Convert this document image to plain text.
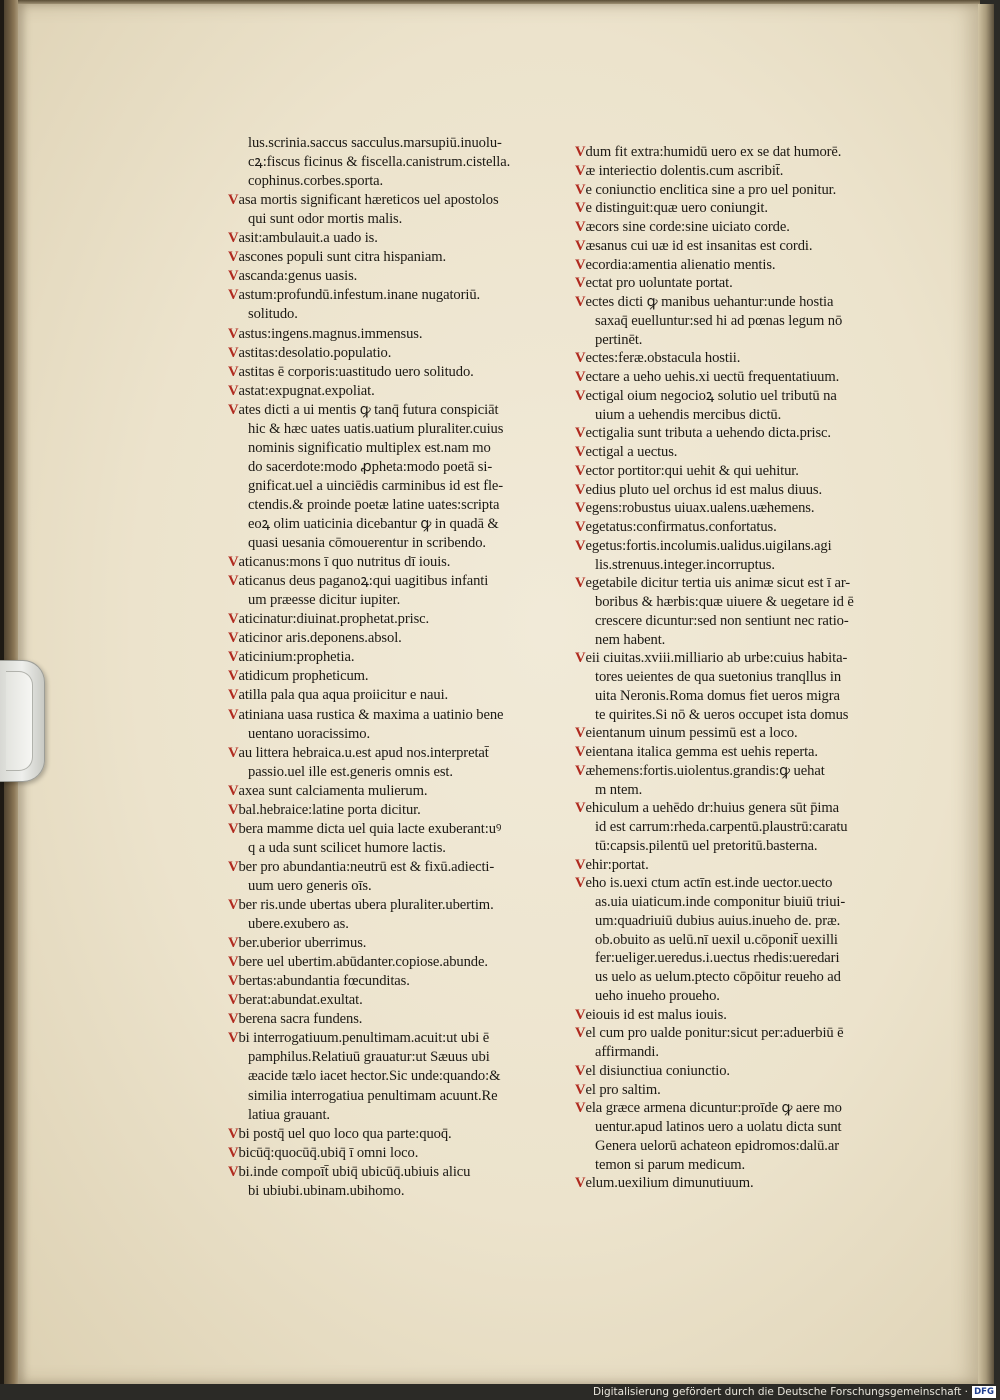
lus.scrinia.saccus sacculus.marsupiū.inuolu-
cꝝ:fiscus ficinus & fiscella.canistrum.cistella.
cophinus.corbes.sporta.
Vasa mortis significant hæreticos uel apostolos
qui sunt odor mortis malis.
Vasit:ambulauit.a uado is.
Vascones populi sunt citra hispaniam.
Vascanda:genus uasis.
Vastum:profundū.infestum.inane nugatoriū.
solitudo.
Vastus:ingens.magnus.immensus.
Vastitas:desolatio.populatio.
Vastitas ē corporis:uastitudo uero solitudo.
Vastat:expugnat.expoliat.
Vates dicti a ui mentis ꝙ tanq̄ futura conspiciāt
hic & hæc uates uatis.uatium pluraliter.cuius
nominis significatio multiplex est.nam mo
do sacerdote:modo ꝓpheta:modo poetā si-
gnificat.uel a uinciēdis carminibus id est fle-
ctendis.& proinde poetæ latine uates:scripta
eoꝝ olim uaticinia dicebantur ꝙ in quadā &
quasi uesania cōmouerentur in scribendo.
Vaticanus:mons ī quo nutritus dī iouis.
Vaticanus deus paganoꝝ:qui uagitibus infanti
um præesse dicitur iupiter.
Vaticinatur:diuinat.prophetat.prisc.
Vaticinor aris.deponens.absol.
Vaticinium:prophetia.
Vatidicum propheticum.
Vatilla pala qua aqua proiicitur e naui.
Vatiniana uasa rustica & maxima a uatinio bene
uentano uoracissimo.
Vau littera hebraica.u.est apud nos.interpretat̄
passio.uel ille est.generis omnis est.
Vaxea sunt calciamenta mulierum.
Vbal.hebraice:latine porta dicitur.
Vbera mamme dicta uel quia lacte exuberant:uꝰ
q a uda sunt scilicet humore lactis.
Vber pro abundantia:neutrū est & fixū.adiecti-
uum uero generis oīs.
Vber ris.unde ubertas ubera pluraliter.ubertim.
ubere.exubero as.
Vber.uberior uberrimus.
Vbere uel ubertim.abūdanter.copiose.abunde.
Vbertas:abundantia fœcunditas.
Vberat:abundat.exultat.
Vberena sacra fundens.
Vbi interrogatiuum.penultimam.acuit:ut ubi ē
pamphilus.Relatiuū grauatur:ut Sæuus ubi
æacide tælo iacet hector.Sic unde:quando:&
similia interrogatiua penultimam acuunt.Re
latiua grauant.
Vbi postq̄ uel quo loco qua parte:quoq̄.
Vbicūq̄:quocūq̄.ubiq̄ ī omni loco.
Vbi.inde compoīt̄ ubiq̄ ubicūq̄.ubiuis alicu
bi ubiubi.ubinam.ubihomo.
Vdum fit extra:humidū uero ex se dat humorē.
Væ interiectio dolentis.cum ascribit̄.
Ve coniunctio enclitica sine a pro uel ponitur.
Ve distinguit:quæ uero coniungit.
Væcors sine corde:sine uiciato corde.
Væsanus cui uæ id est insanitas est cordi.
Vecordia:amentia alienatio mentis.
Vectat pro uoluntate portat.
Vectes dicti ꝙ manibus uehantur:unde hostia
saxaq̄ euelluntur:sed hi ad pœnas legum nō
pertinēt.
Vectes:feræ.obstacula hostii.
Vectare a ueho uehis.xi uectū frequentatiuum.
Vectigal oium negocioꝝ solutio uel tributū na
uium a uehendis mercibus dictū.
Vectigalia sunt tributa a uehendo dicta.prisc.
Vectigal a uectus.
Vector portitor:qui uehit & qui uehitur.
Vedius pluto uel orchus id est malus diuus.
Vegens:robustus uiuax.ualens.uæhemens.
Vegetatus:confirmatus.confortatus.
Vegetus:fortis.incolumis.ualidus.uigilans.agi
lis.strenuus.integer.incorruptus.
Vegetabile dicitur tertia uis animæ sicut est ī ar-
boribus & hærbis:quæ uiuere & uegetare id ē
crescere dicuntur:sed non sentiunt nec ratio-
nem habent.
Veii ciuitas.xviii.milliario ab urbe:cuius habita-
tores ueientes de qua suetonius tranqllus in
uita Neronis.Roma domus fiet ueros migra
te quirites.Si nō & ueros occupet ista domus
Veientanum uinum pessimū est a loco.
Veientana italica gemma est uehis reperta.
Væhemens:fortis.uiolentus.grandis:ꝙ uehat
m ntem.
Vehiculum a uehēdo dr:huius genera sūt p̄ima
id est carrum:rheda.carpentū.plaustrū:caratu
tū:capsis.pilentū uel pretoritū.basterna.
Vehir:portat.
Veho is.uexi ctum actīn est.inde uector.uecto
as.uia uiaticum.inde componitur biuiū triui-
um:quadriuiū dubius auius.inueho de. præ.
ob.obuito as uelū.nī uexil u.cōponit̄ uexilli
fer:ueliger.ueredus.i.uectus rhedis:ueredari
us uelo as uelum.ptecto cōpōitur reueho ad
ueho inueho proueho.
Veiouis id est malus iouis.
Vel cum pro ualde ponitur:sicut per:aduerbiū ē
affirmandi.
Vel disiunctiua coniunctio.
Vel pro saltim.
Vela græce armena dicuntur:proīde ꝙ aere mo
uentur.apud latinos uero a uolatu dicta sunt
Genera uelorū achateon epidromos:dalū.ar
temon si parum medicum.
Velum.uexilium dimunutiuum.
Digitalisierung gefördert durch die Deutsche Forschungsgemeinschaft · DFG
